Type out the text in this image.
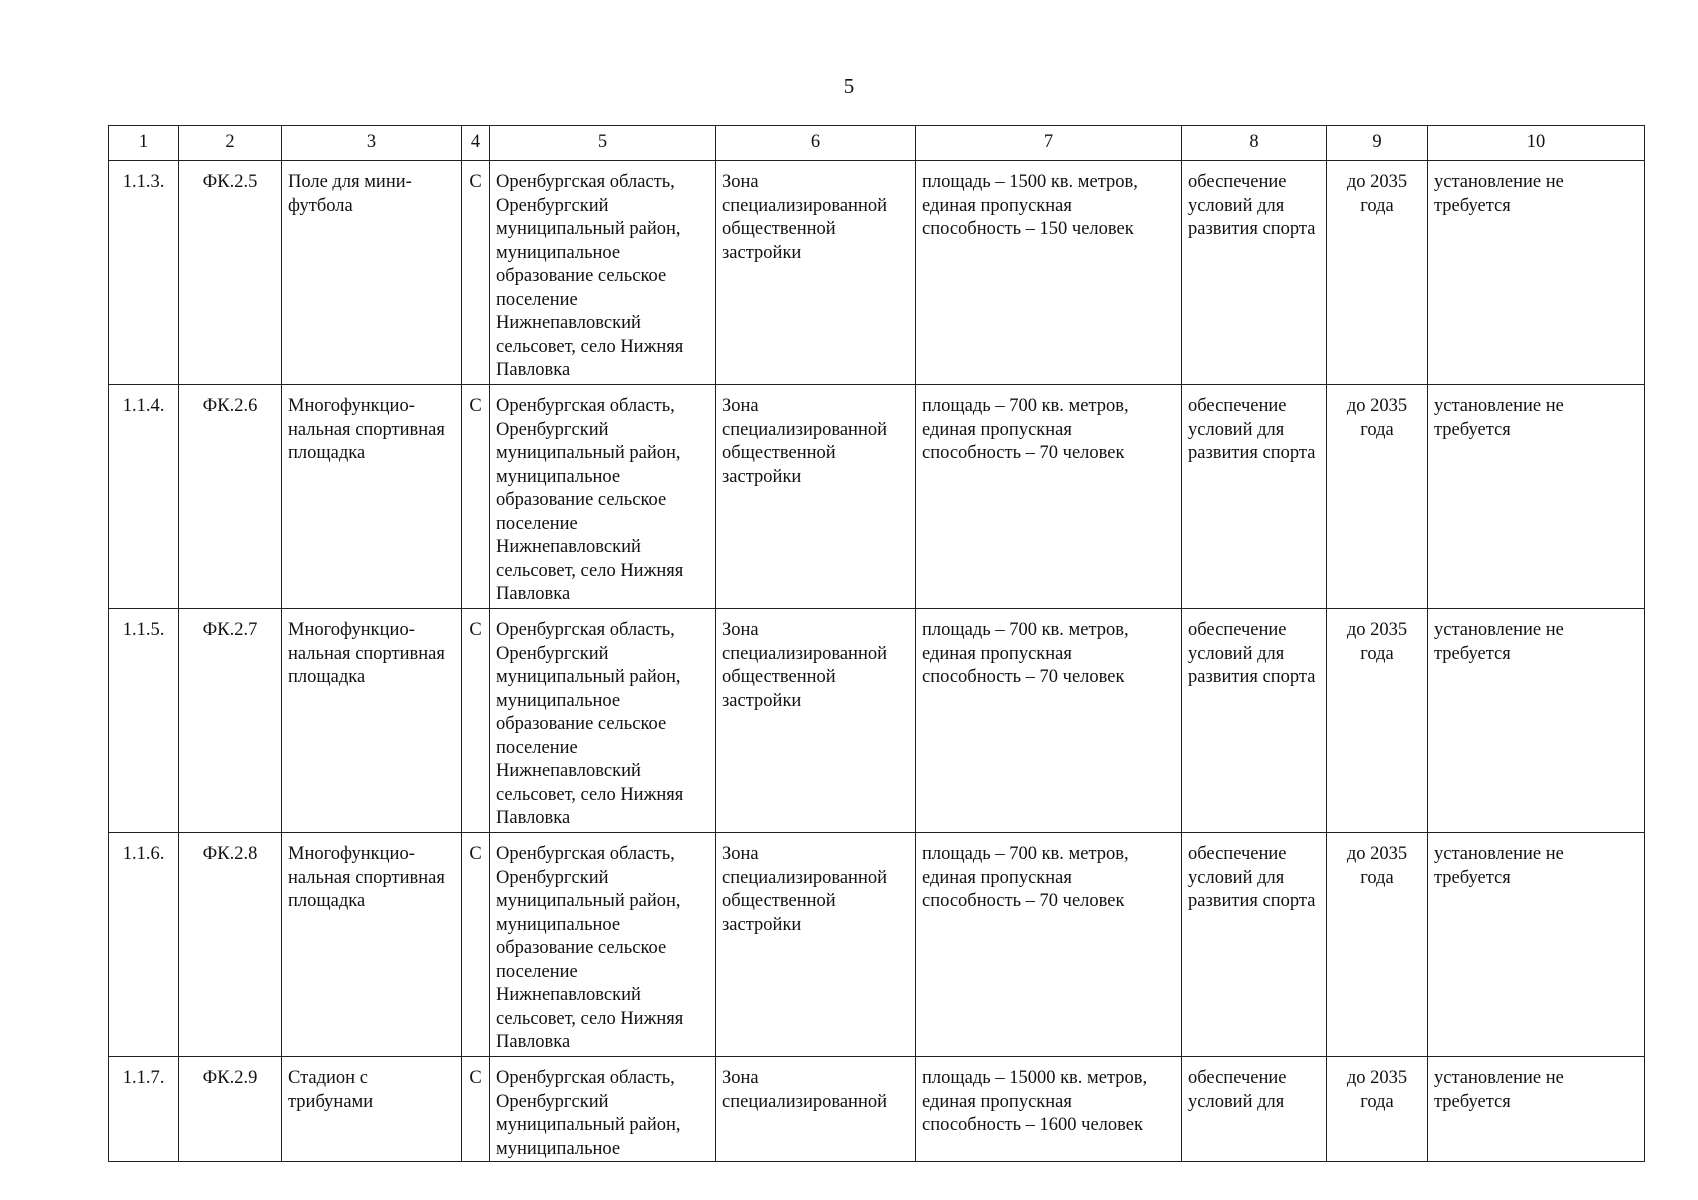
5
1	2	3	4	5	6	7	8	9	10
1.1.3.	ФК.2.5	Поле для мини-футбола	С	Оренбургская область, Оренбургский муниципальный район, муниципальное образование сельское поселение Нижнепавловский сельсовет, село Нижняя Павловка	Зона специализированной общественной застройки	площадь – 1500 кв. метров, единая пропускная способность – 150 человек	обеспечение условий для развития спорта	до 2035 года	установление не требуется
1.1.4.	ФК.2.6	Многофункцио-нальная спортивная площадка	С	Оренбургская область, Оренбургский муниципальный район, муниципальное образование сельское поселение Нижнепавловский сельсовет, село Нижняя Павловка	Зона специализированной общественной застройки	площадь – 700 кв. метров, единая пропускная способность – 70 человек	обеспечение условий для развития спорта	до 2035 года	установление не требуется
1.1.5.	ФК.2.7	Многофункцио-нальная спортивная площадка	С	Оренбургская область, Оренбургский муниципальный район, муниципальное образование сельское поселение Нижнепавловский сельсовет, село Нижняя Павловка	Зона специализированной общественной застройки	площадь – 700 кв. метров, единая пропускная способность – 70 человек	обеспечение условий для развития спорта	до 2035 года	установление не требуется
1.1.6.	ФК.2.8	Многофункцио-нальная спортивная площадка	С	Оренбургская область, Оренбургский муниципальный район, муниципальное образование сельское поселение Нижнепавловский сельсовет, село Нижняя Павловка	Зона специализированной общественной застройки	площадь – 700 кв. метров, единая пропускная способность – 70 человек	обеспечение условий для развития спорта	до 2035 года	установление не требуется
1.1.7.	ФК.2.9	Стадион с трибунами	С	Оренбургская область, Оренбургский муниципальный район, муниципальное	Зона специализированной	площадь – 15000 кв. метров, единая пропускная способность – 1600 человек	обеспечение условий для	до 2035 года	установление не требуется
